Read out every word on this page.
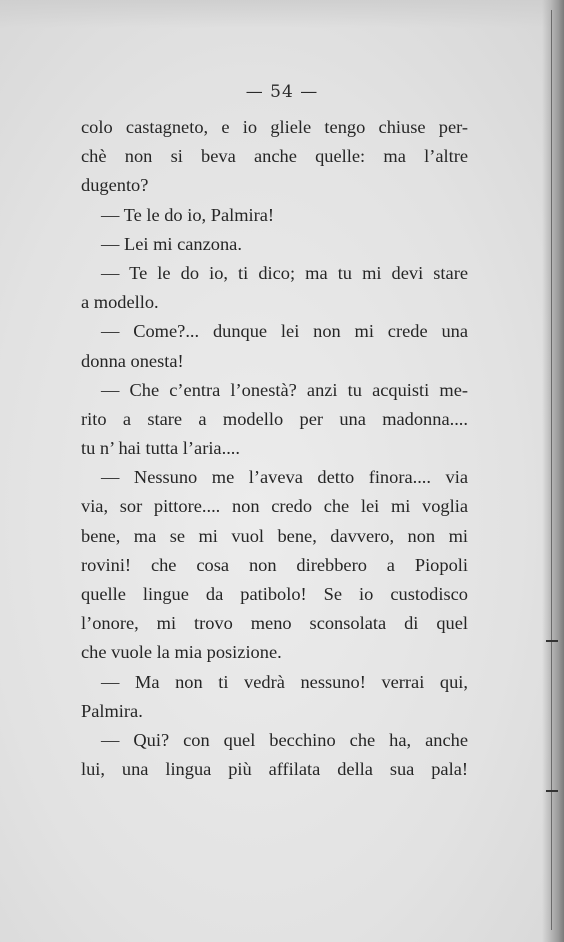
— 54 —
colo castagneto, e io gliele tengo chiuse per-
chè non si beva anche quelle: ma l’altre
dugento?
— Te le do io, Palmira!
— Lei mi canzona.
— Te le do io, ti dico; ma tu mi devi stare
a modello.
— Come?... dunque lei non mi crede una
donna onesta!
— Che c’entra l’onestà? anzi tu acquisti me-
rito a stare a modello per una madonna....
tu n’ hai tutta l’aria....
— Nessuno me l’aveva detto finora.... via
via, sor pittore.... non credo che lei mi voglia
bene, ma se mi vuol bene, davvero, non mi
rovini! che cosa non direbbero a Piopoli
quelle lingue da patibolo! Se io custodisco
l’onore, mi trovo meno sconsolata di quel
che vuole la mia posizione.
— Ma non ti vedrà nessuno! verrai qui,
Palmira.
— Qui? con quel becchino che ha, anche
lui, una lingua più affilata della sua pala!
